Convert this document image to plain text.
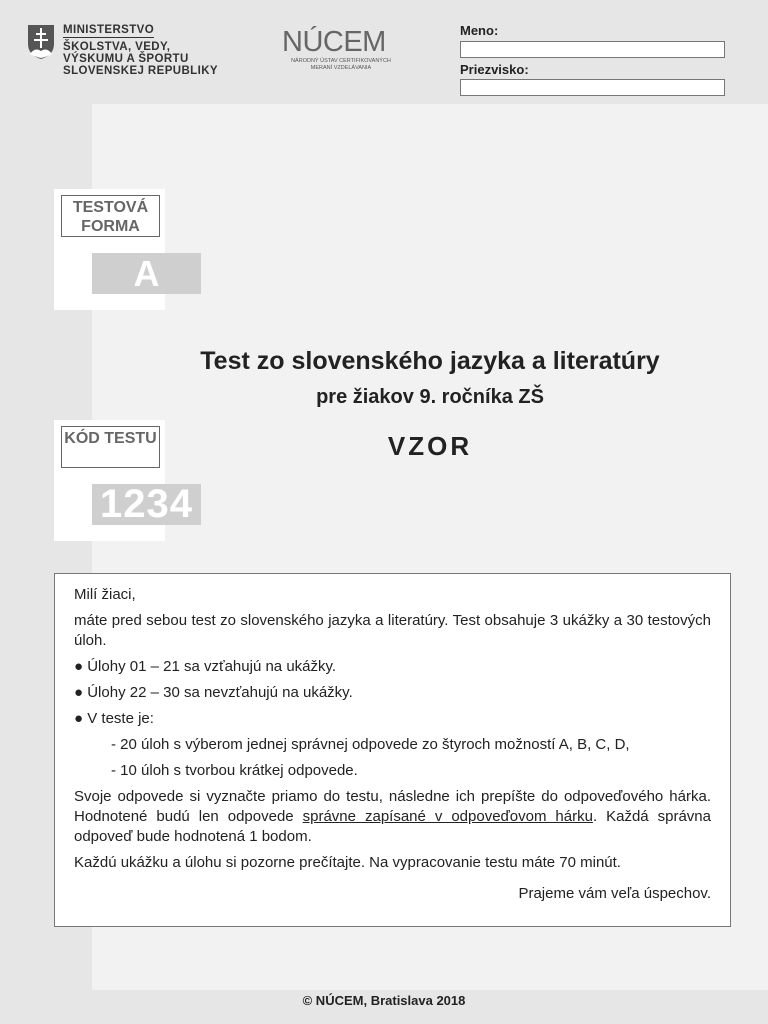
MINISTERSTVO
ŠKOLSTVA, VEDY,
VÝSKUMU A ŠPORTU
SLOVENSKEJ REPUBLIKY
NÚCEM
NÁRODNÝ ÚSTAV CERTIFIKOVANÝCH MERANÍ VZDELÁVANIA
Meno:
Priezvisko:
TESTOVÁ FORMA
A
KÓD TESTU
1234
Test zo slovenského jazyka a literatúry
pre žiakov 9. ročníka ZŠ
VZOR

Milí žiaci,

máte pred sebou test zo slovenského jazyka a literatúry. Test obsahuje 3 ukážky a 30 testových úloh.

● Úlohy 01 – 21 sa vzťahujú na ukážky.

● Úlohy 22 – 30 sa nevzťahujú na ukážky.

● V teste je:

- 20 úloh s výberom jednej správnej odpovede zo štyroch možností A, B, C, D,

- 10 úloh s tvorbou krátkej odpovede.

Svoje odpovede si vyznačte priamo do testu, následne ich prepíšte do odpoveďového hárka. Hodnotené budú len odpovede správne zapísané v odpoveďovom hárku. Každá správna odpoveď bude hodnotená 1 bodom.

Každú ukážku a úlohu si pozorne prečítajte. Na vypracovanie testu máte 70 minút.

Prajeme vám veľa úspechov.

© NÚCEM, Bratislava 2018
